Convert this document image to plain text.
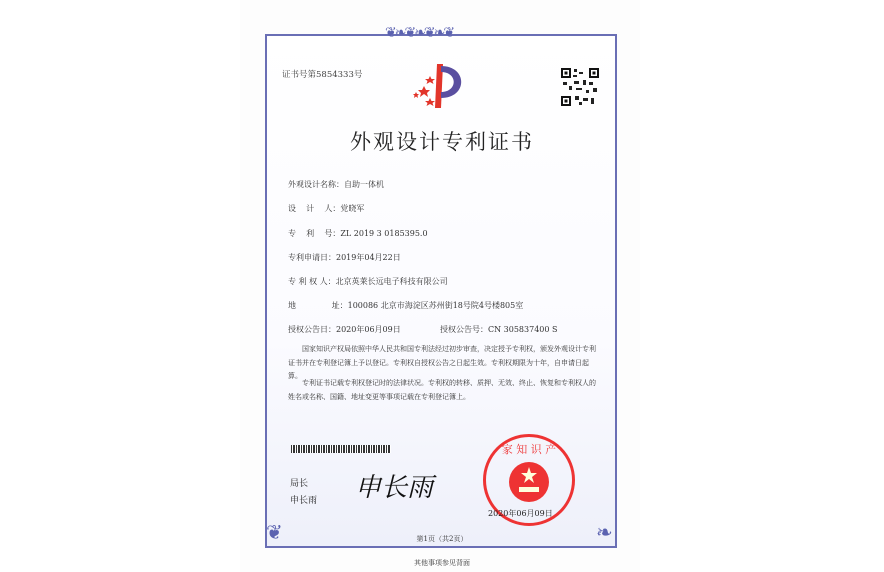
❦❧❦❧❦❧❦
❦	❧
证书号第5854333号
外观设计专利证书
外观设计名称：自助一体机
设    计    人：党晓军
专    利    号：ZL 2019 3 0185395.0
专利申请日：2019年04月22日
专 利 权 人：北京英莱长远电子科技有限公司
地              址：100086 北京市海淀区苏州街18号院4号楼805室
授权公告日：2020年06月09日	授权公告号：CN 305837400 S
国家知识产权局依照中华人民共和国专利法经过初步审查，决定授予专利权，颁发外观设计专利证书并在专利登记簿上予以登记。专利权自授权公告之日起生效。专利权期限为十年，自申请日起算。
专利证书记载专利权登记时的法律状况。专利权的转移、质押、无效、终止、恢复和专利权人的姓名或名称、国籍、地址变更等事项记载在专利登记簿上。
局长
申长雨 申长雨
家 知 识 产
2020年06月09日
第1页（共2页）
其他事项参见背面
